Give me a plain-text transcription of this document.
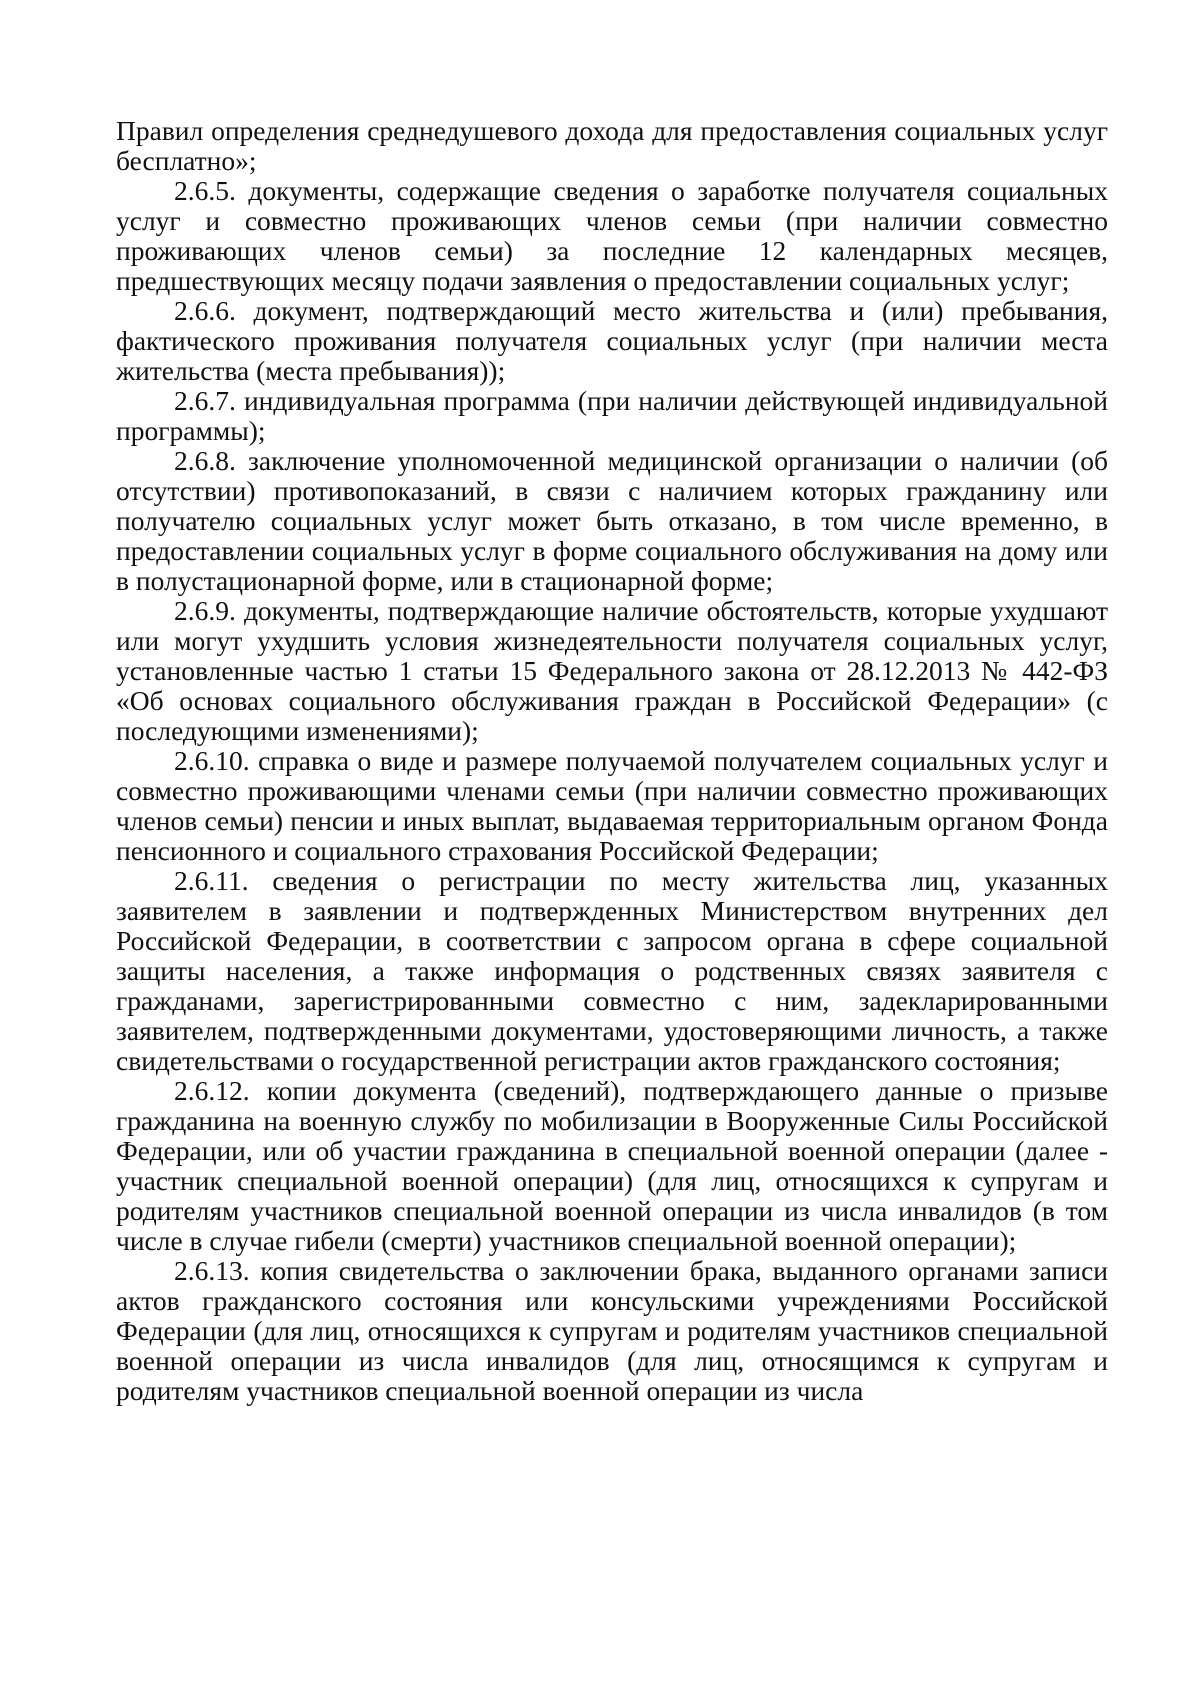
Правил определения среднедушевого дохода для предоставления социальных услуг бесплатно»;

2.6.5. документы, содержащие сведения о заработке получателя социальных услуг и совместно проживающих членов семьи (при наличии совместно проживающих членов семьи) за последние 12 календарных месяцев, предшествующих месяцу подачи заявления о предоставлении социальных услуг;

2.6.6. документ, подтверждающий место жительства и (или) пребывания, фактического проживания получателя социальных услуг (при наличии места жительства (места пребывания));

2.6.7. индивидуальная программа (при наличии действующей индивидуальной программы);

2.6.8. заключение уполномоченной медицинской организации о наличии (об отсутствии) противопоказаний, в связи с наличием которых гражданину или получателю социальных услуг может быть отказано, в том числе временно, в предоставлении социальных услуг в форме социального обслуживания на дому или в полустационарной форме, или в стационарной форме;

2.6.9. документы, подтверждающие наличие обстоятельств, которые ухудшают или могут ухудшить условия жизнедеятельности получателя социальных услуг, установленные частью 1 статьи 15 Федерального закона от 28.12.2013 № 442-ФЗ «Об основах социального обслуживания граждан в Российской Федерации» (с последующими изменениями);

2.6.10. справка о виде и размере получаемой получателем социальных услуг и совместно проживающими членами семьи (при наличии совместно проживающих членов семьи) пенсии и иных выплат, выдаваемая территориальным органом Фонда пенсионного и социального страхования Российской Федерации;

2.6.11. сведения о регистрации по месту жительства лиц, указанных заявителем в заявлении и подтвержденных Министерством внутренних дел Российской Федерации, в соответствии с запросом органа в сфере социальной защиты населения, а также информация о родственных связях заявителя с гражданами, зарегистрированными совместно с ним, задекларированными заявителем, подтвержденными документами, удостоверяющими личность, а также свидетельствами о государственной регистрации актов гражданского состояния;

2.6.12. копии документа (сведений), подтверждающего данные о призыве гражданина на военную службу по мобилизации в Вооруженные Силы Российской Федерации, или об участии гражданина в специальной военной операции (далее - участник специальной военной операции) (для лиц, относящихся к супругам и родителям участников специальной военной операции из числа инвалидов (в том числе в случае гибели (смерти) участников специальной военной операции);

2.6.13. копия свидетельства о заключении брака, выданного органами записи актов гражданского состояния или консульскими учреждениями Российской Федерации (для лиц, относящихся к супругам и родителям участников специальной военной операции из числа инвалидов (для лиц, относящимся к супругам и родителям участников специальной военной операции из числа
